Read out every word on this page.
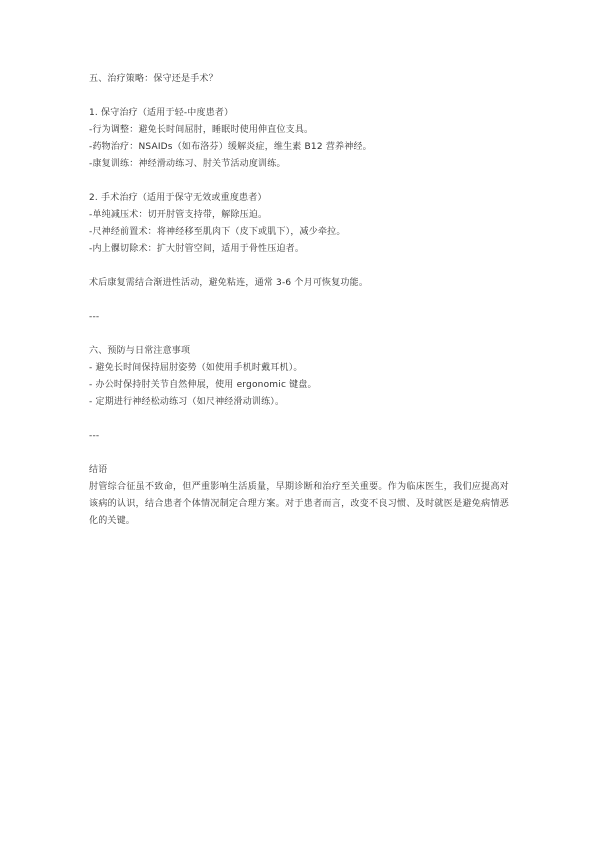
五、治疗策略：保守还是手术？
1. 保守治疗（适用于轻-中度患者）
-行为调整：避免长时间屈肘，睡眠时使用伸直位支具。
-药物治疗：NSAIDs（如布洛芬）缓解炎症，维生素 B12 营养神经。
-康复训练：神经滑动练习、肘关节活动度训练。
2. 手术治疗（适用于保守无效或重度患者）
-单纯减压术：切开肘管支持带，解除压迫。
-尺神经前置术：将神经移至肌肉下（皮下或肌下），减少牵拉。
-内上髁切除术：扩大肘管空间，适用于骨性压迫者。
术后康复需结合渐进性活动，避免粘连，通常 3-6 个月可恢复功能。
---
六、预防与日常注意事项
- 避免长时间保持屈肘姿势（如使用手机时戴耳机）。
- 办公时保持肘关节自然伸展，使用 ergonomic 键盘。
- 定期进行神经松动练习（如尺神经滑动训练）。
---
结语
肘管综合征虽不致命，但严重影响生活质量，早期诊断和治疗至关重要。作为临床医生，我们应提高对该病的认识，结合患者个体情况制定合理方案。对于患者而言，改变不良习惯、及时就医是避免病情恶化的关键。
